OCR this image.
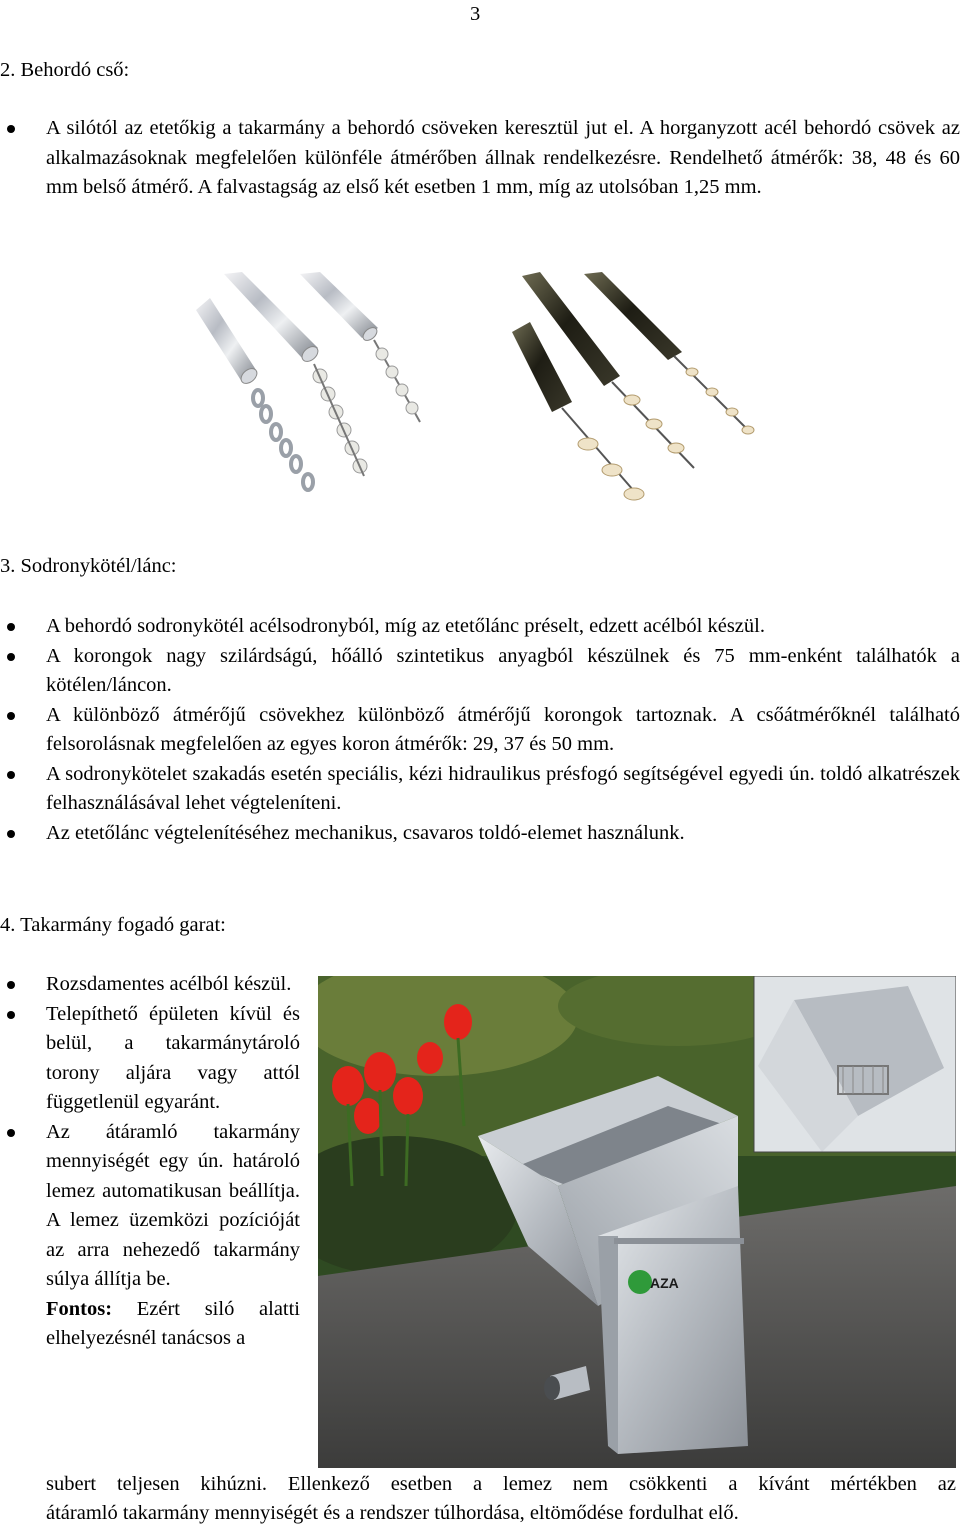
3
2. Behordó cső:
A silótól az etetőkig a takarmány a behordó csöveken keresztül jut el. A horganyzott acél behordó csövek az alkalmazásoknak megfelelően különféle átmérőben állnak rendelkezésre. Rendelhető átmérők: 38, 48 és 60 mm belső átmérő. A falvastagság az első két esetben 1 mm, míg az utolsóban 1,25 mm.
3. Sodronykötél/lánc:
A behordó sodronykötél acélsodronyból, míg az etetőlánc préselt, edzett acélból készül.
A korongok nagy szilárdságú, hőálló szintetikus anyagból készülnek és 75 mm-enként találhatók a kötélen/láncon.
A különböző átmérőjű csövekhez különböző átmérőjű korongok tartoznak. A csőátmérőknél található felsorolásnak megfelelően az egyes koron átmérők: 29, 37 és 50 mm.
A sodronykötelet szakadás esetén speciális, kézi hidraulikus présfogó segítségével egyedi ún. toldó alkatrészek felhasználásával lehet végteleníteni.
Az etetőlánc végtelenítéséhez mechanikus, csavaros toldó-elemet használunk.
4. Takarmány fogadó garat:
Rozsdamentes acélból készül.
Telepíthető épületen kívül és belül, a takarmánytároló torony aljára vagy attól függetlenül egyaránt.
Az átáramló takarmány mennyiségét egy ún. határoló lemez automatikusan beállítja. A lemez üzemközi pozícióját az arra nehezedő takarmány súlya állítja be.
Fontos: Ezért siló alatti elhelyezésnél tanácsos a
subert teljesen kihúzni. Ellenkező esetben a lemez nem csökkenti a kívánt mértékben az
átáramló takarmány mennyiségét és a rendszer túlhordása, eltömődése fordulhat elő.
AZA
